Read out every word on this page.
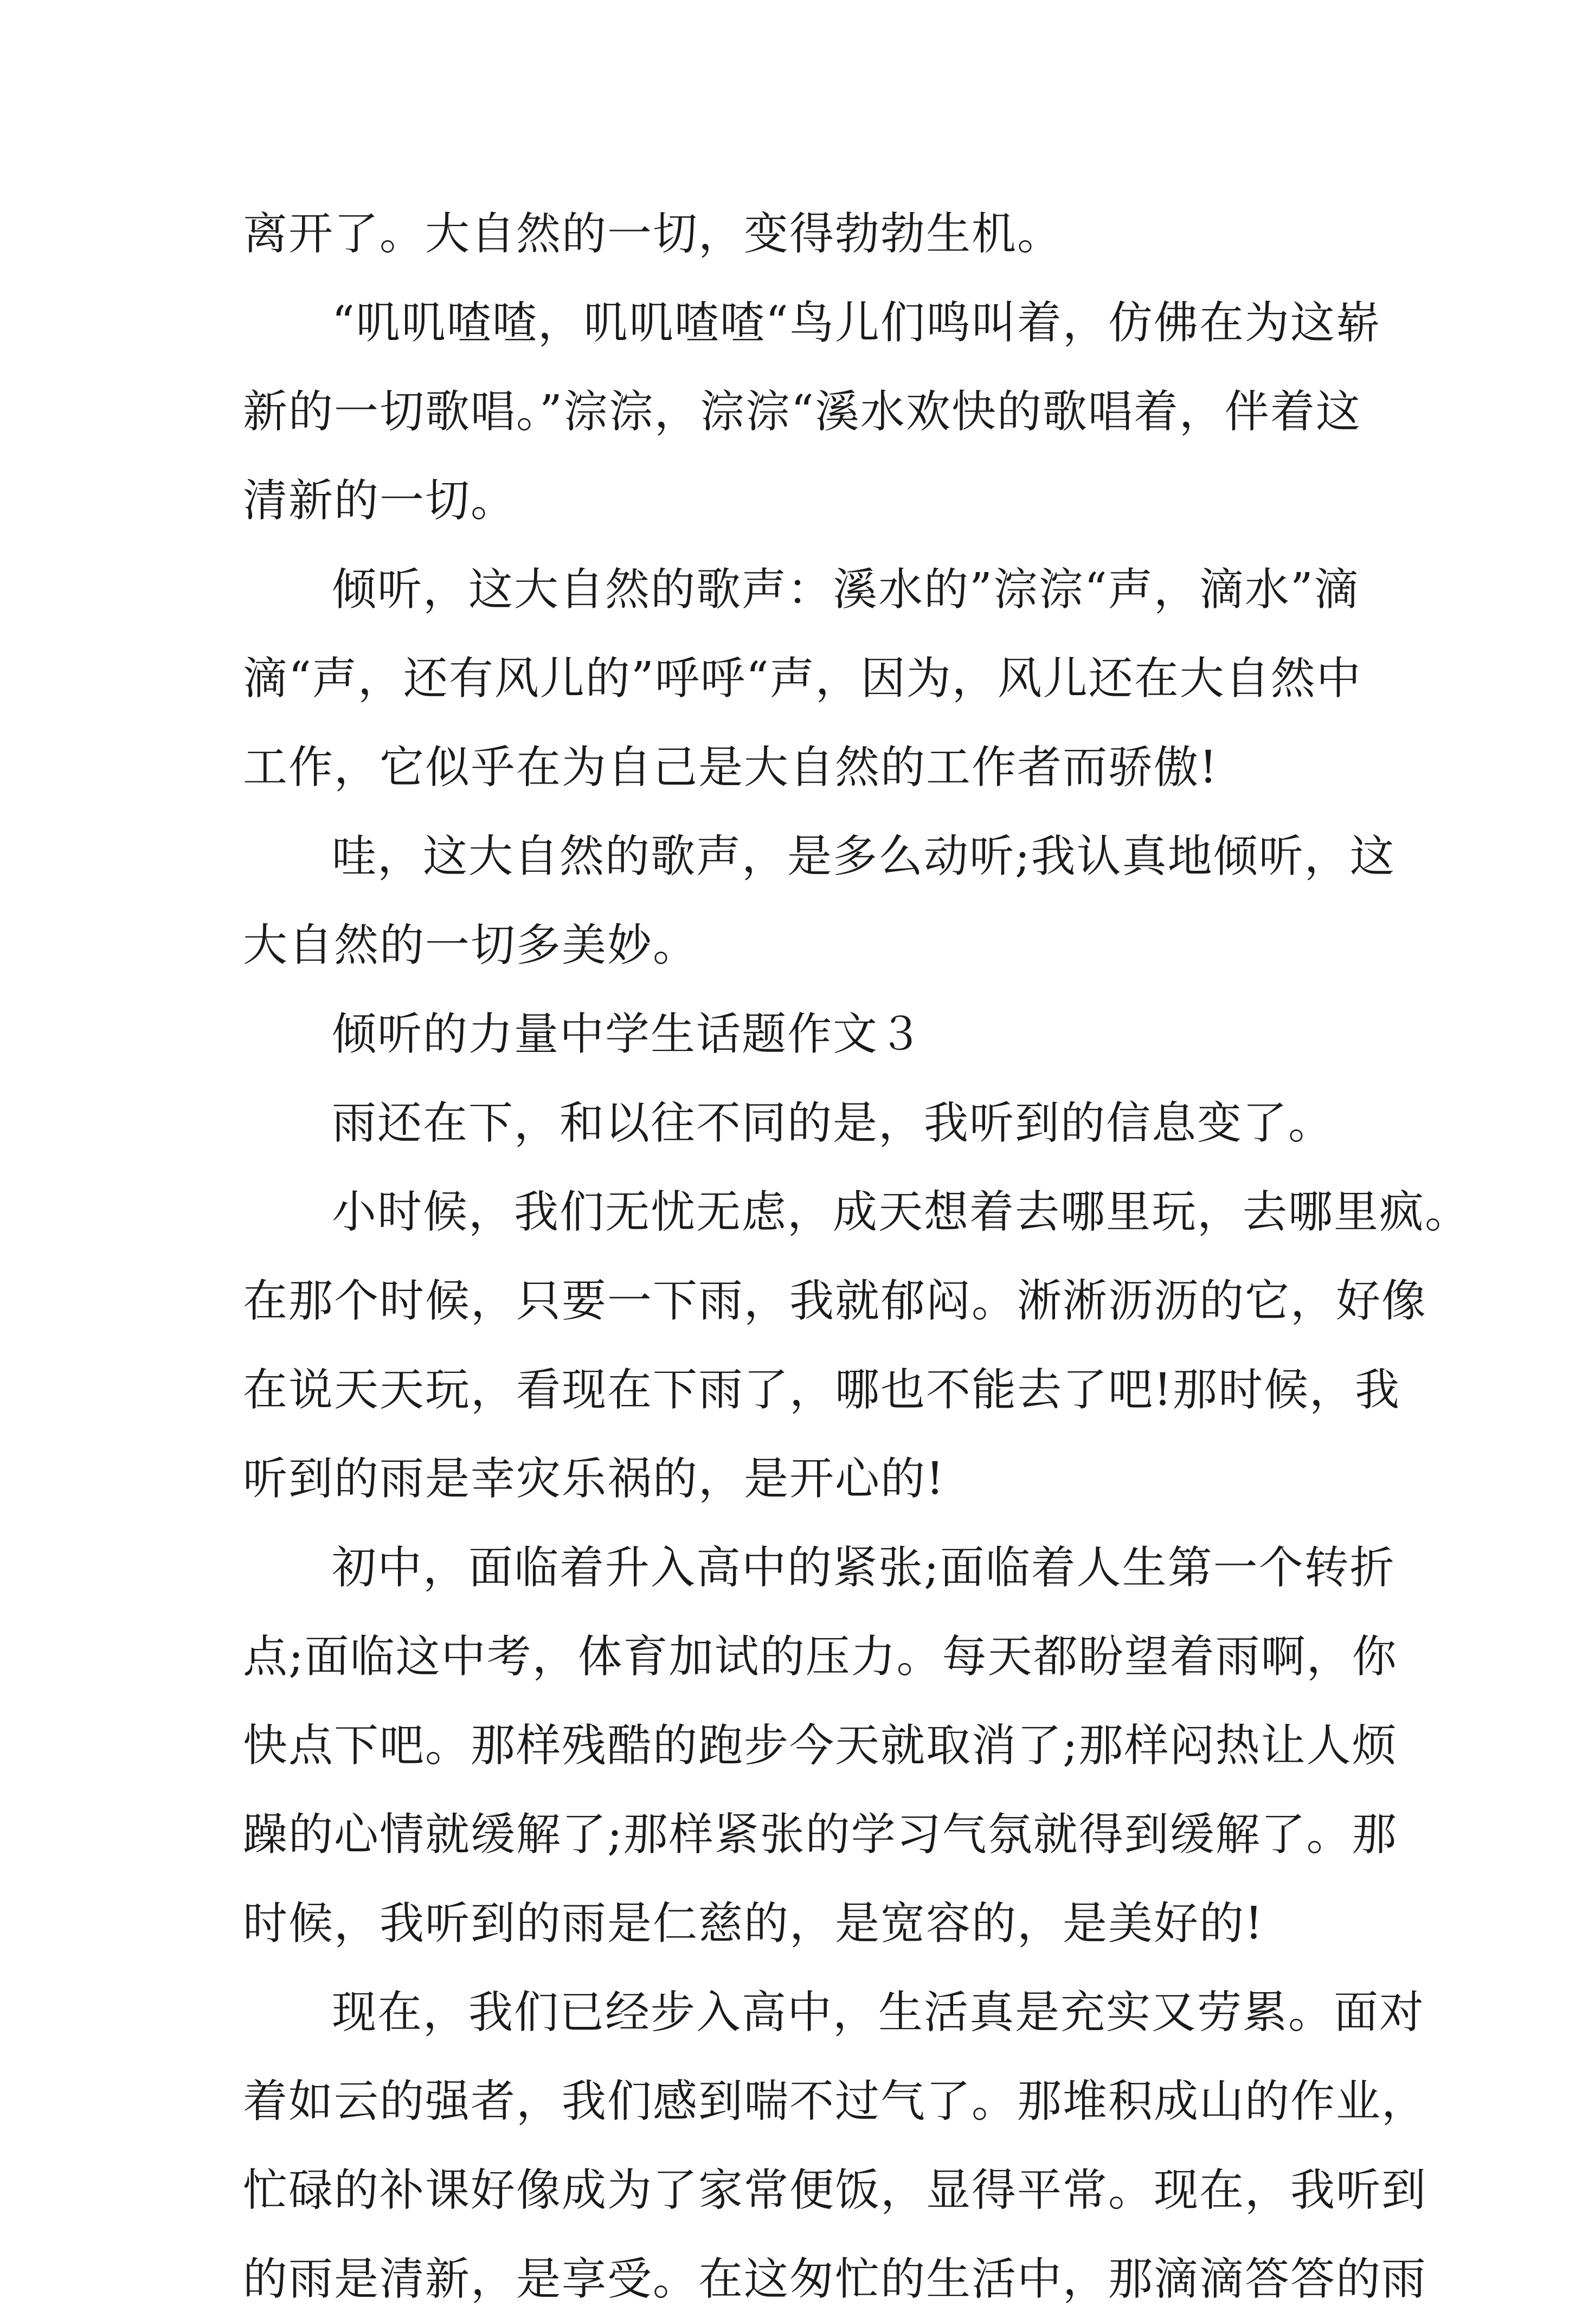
离开了。大自然的一切，变得勃勃生机。
“叽叽喳喳，叽叽喳喳“鸟儿们鸣叫着，仿佛在为这崭
新的一切歌唱。”淙淙，淙淙“溪水欢快的歌唱着，伴着这
清新的一切。
倾听，这大自然的歌声：溪水的”淙淙“声，滴水”滴
滴“声，还有风儿的”呼呼“声，因为，风儿还在大自然中
工作，它似乎在为自己是大自然的工作者而骄傲!
哇，这大自然的歌声，是多么动听;我认真地倾听，这
大自然的一切多美妙。
倾听的力量中学生话题作文３
雨还在下，和以往不同的是，我听到的信息变了。
小时候，我们无忧无虑，成天想着去哪里玩，去哪里疯。
在那个时候，只要一下雨，我就郁闷。淅淅沥沥的它，好像
在说天天玩，看现在下雨了，哪也不能去了吧!那时候，我
听到的雨是幸灾乐祸的，是开心的!
初中，面临着升入高中的紧张;面临着人生第一个转折
点;面临这中考，体育加试的压力。每天都盼望着雨啊，你
快点下吧。那样残酷的跑步今天就取消了;那样闷热让人烦
躁的心情就缓解了;那样紧张的学习气氛就得到缓解了。那
时候，我听到的雨是仁慈的，是宽容的，是美好的!
现在，我们已经步入高中，生活真是充实又劳累。面对
着如云的强者，我们感到喘不过气了。那堆积成山的作业，
忙碌的补课好像成为了家常便饭，显得平常。现在，我听到
的雨是清新，是享受。在这匆忙的生活中，那滴滴答答的雨
